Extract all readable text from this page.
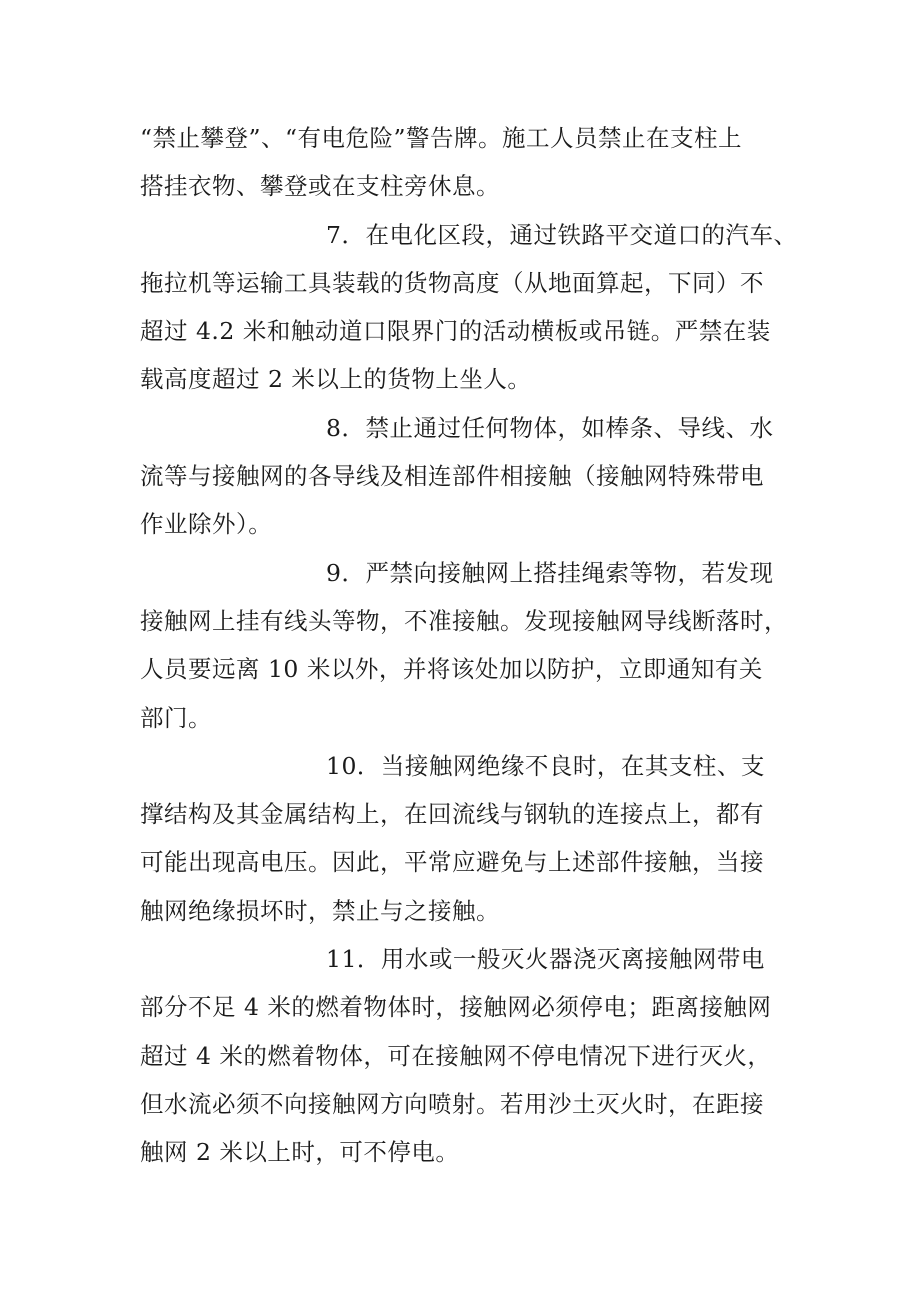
“禁止攀登”、“有电危险”警告牌。施工人员禁止在支柱上
搭挂衣物、攀登或在支柱旁休息。
7．在电化区段，通过铁路平交道口的汽车、
拖拉机等运输工具装载的货物高度（从地面算起，下同）不
超过 4.2 米和触动道口限界门的活动横板或吊链。严禁在装
载高度超过 2 米以上的货物上坐人。
8．禁止通过任何物体，如棒条、导线、水
流等与接触网的各导线及相连部件相接触（接触网特殊带电
作业除外）。
9．严禁向接触网上搭挂绳索等物，若发现
接触网上挂有线头等物，不准接触。发现接触网导线断落时，
人员要远离 10 米以外，并将该处加以防护，立即通知有关
部门。
10．当接触网绝缘不良时，在其支柱、支
撑结构及其金属结构上，在回流线与钢轨的连接点上，都有
可能出现高电压。因此，平常应避免与上述部件接触，当接
触网绝缘损坏时，禁止与之接触。
11．用水或一般灭火器浇灭离接触网带电
部分不足 4 米的燃着物体时，接触网必须停电；距离接触网
超过 4 米的燃着物体，可在接触网不停电情况下进行灭火，
但水流必须不向接触网方向喷射。若用沙土灭火时，在距接
触网 2 米以上时，可不停电。
